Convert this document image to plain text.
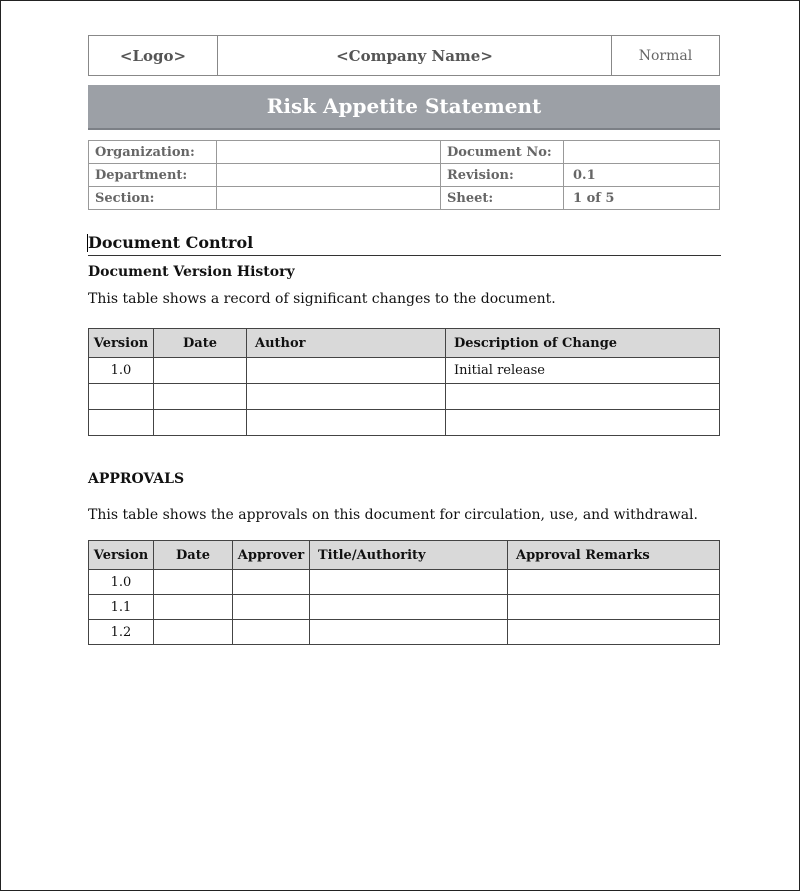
<Logo>	<Company Name>	Normal
Risk Appetite Statement
Organization:		Document No:	
Department:		Revision:	0.1
Section:		Sheet:	1 of 5
Document Control
Document Version History
This table shows a record of significant changes to the document.
Version	Date	Author	Description of Change
1.0			Initial release

APPROVALS
This table shows the approvals on this document for circulation, use, and withdrawal.
Version	Date	Approver	Title/Authority	Approval Remarks
1.0				
1.1				
1.2				
